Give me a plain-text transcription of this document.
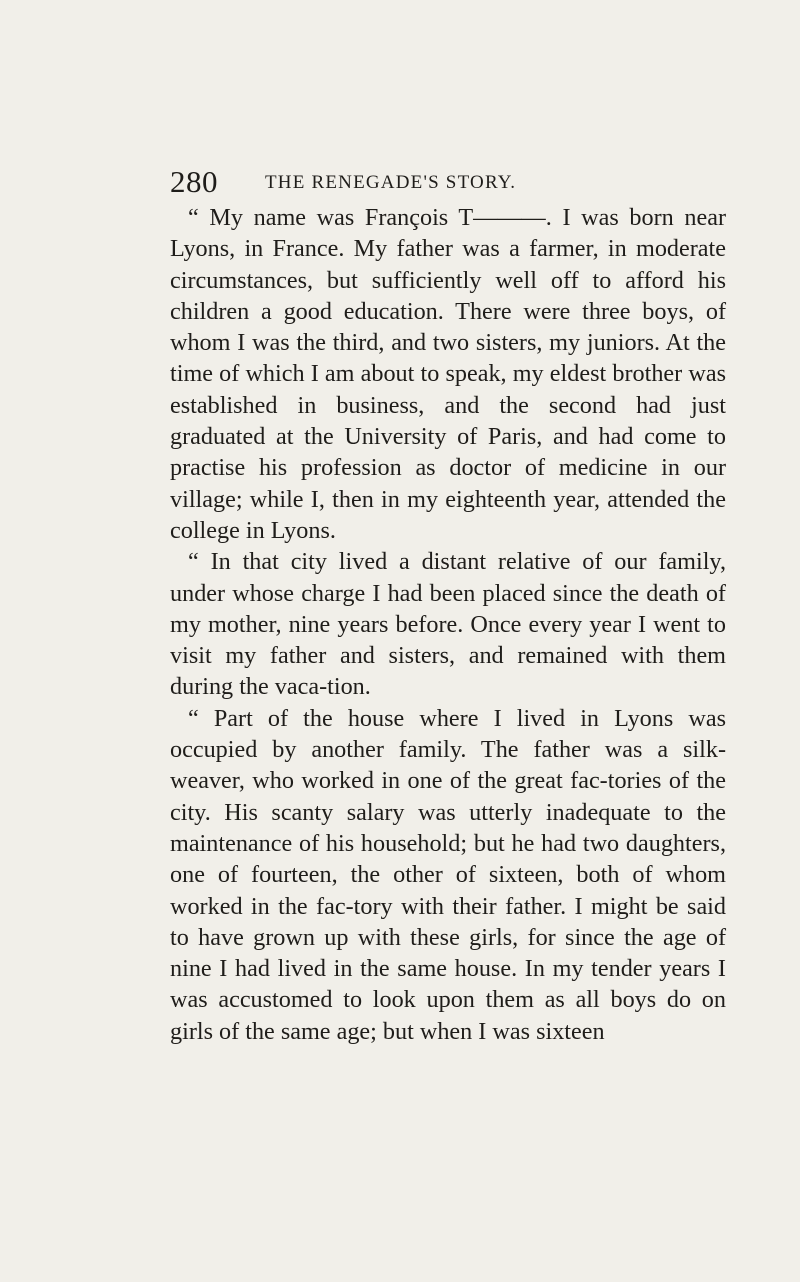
280 THE RENEGADE'S STORY.

“ My name was François T———. I was born near Lyons, in France. My father was a farmer, in moderate circumstances, but sufficiently well off to afford his children a good education. There were three boys, of whom I was the third, and two sisters, my juniors. At the time of which I am about to speak, my eldest brother was established in business, and the second had just graduated at the University of Paris, and had come to practise his profession as doctor of medicine in our village; while I, then in my eighteenth year, attended the college in Lyons.

“ In that city lived a distant relative of our family, under whose charge I had been placed since the death of my mother, nine years before. Once every year I went to visit my father and sisters, and remained with them during the vaca-tion.

“ Part of the house where I lived in Lyons was occupied by another family. The father was a silk-weaver, who worked in one of the great fac-tories of the city. His scanty salary was utterly inadequate to the maintenance of his household; but he had two daughters, one of fourteen, the other of sixteen, both of whom worked in the fac-tory with their father. I might be said to have grown up with these girls, for since the age of nine I had lived in the same house. In my tender years I was accustomed to look upon them as all boys do on girls of the same age; but when I was sixteen
